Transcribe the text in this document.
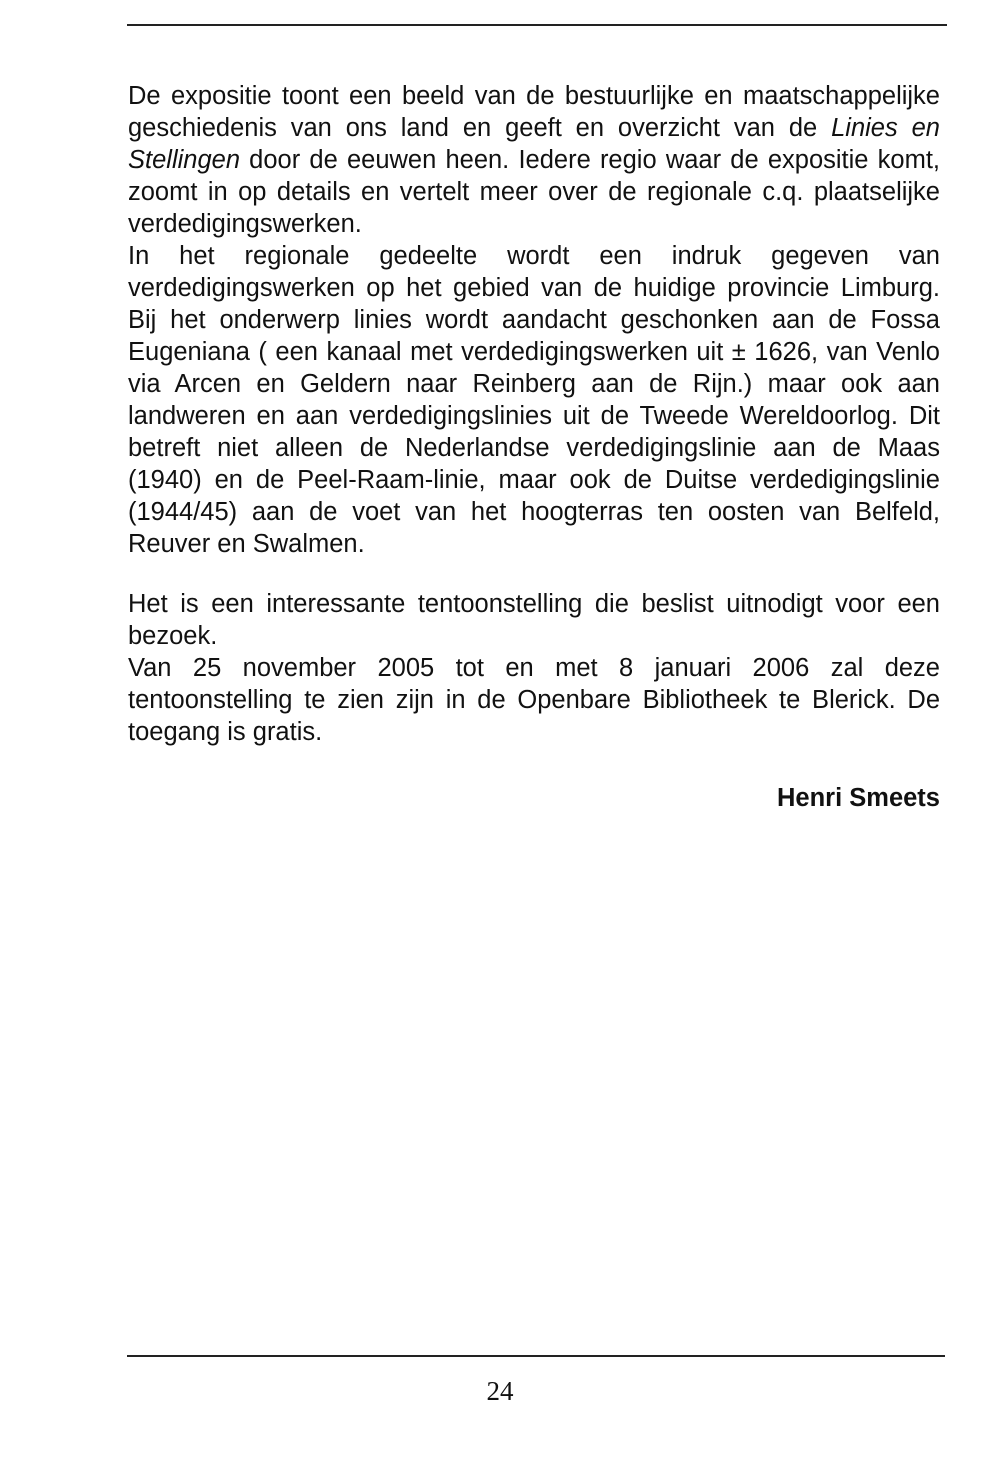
De expositie toont een beeld van de bestuurlijke en maatschappelijke geschiedenis van ons land en geeft en overzicht van de Linies en Stellingen door de eeuwen heen. Iedere regio waar de expositie komt, zoomt in op details en vertelt meer over de regionale c.q. plaatselijke verdedigingswerken.

In het regionale gedeelte wordt een indruk gegeven van verdedigingswerken op het gebied van de huidige provincie Limburg. Bij het onderwerp linies wordt aandacht geschonken aan de Fossa Eugeniana ( een kanaal met verdedigingswerken uit ± 1626, van Venlo via Arcen en Geldern naar Reinberg aan de Rijn.) maar ook aan landweren en aan verdedigingslinies uit de Tweede Wereldoorlog. Dit betreft niet alleen de Nederlandse verdedigingslinie aan de Maas (1940) en de Peel-Raam-linie, maar ook de Duitse verdedigingslinie (1944/45) aan de voet van het hoogterras ten oosten van Belfeld, Reuver en Swalmen.

Het is een interessante tentoonstelling die beslist uitnodigt voor een bezoek.

Van 25 november 2005 tot en met 8 januari 2006 zal deze tentoonstelling te zien zijn in de Openbare Bibliotheek te Blerick. De toegang is gratis.

Henri Smeets
24
